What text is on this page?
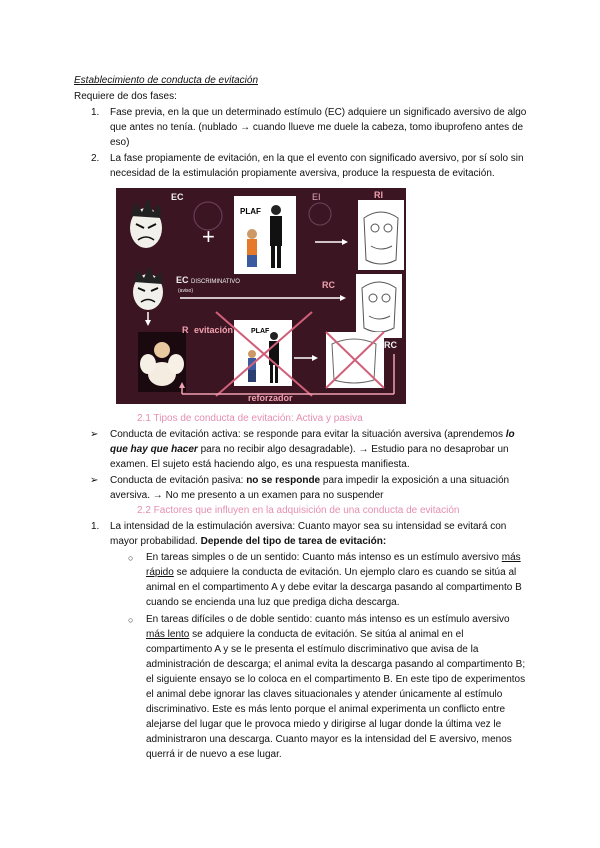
Establecimiento de conducta de evitación
Requiere de dos fases:
1. Fase previa, en la que un determinado estímulo (EC) adquiere un significado aversivo de algo
que antes no tenía. (nublado → cuando llueve me duele la cabeza, tomo ibuprofeno antes de
eso)
2. La fase propiamente de evitación, en la que el evento con significado aversivo, por sí solo sin
necesidad de la estimulación propiamente aversiva, produce la respuesta de evitación.
EC
+
PLAF
EI	RI
EC DISCRIMINATIVO
(aviso)
RC
R evitación	PLAF
RC
reforzador
2.1 Tipos de conducta de evitación: Activa y pasiva
➢ Conducta de evitación activa: se responde para evitar la situación aversiva (aprendemos lo
que hay que hacer para no recibir algo desagradable). → Estudio para no desaprobar un
examen. El sujeto está haciendo algo, es una respuesta manifiesta.
➢ Conducta de evitación pasiva: no se responde para impedir la exposición a una situación
aversiva. → No me presento a un examen para no suspender
2.2 Factores que influyen en la adquisición de una conducta de evitación
1. La intensidad de la estimulación aversiva: Cuanto mayor sea su intensidad se evitará con
mayor probabilidad. Depende del tipo de tarea de evitación:
○ En tareas simples o de un sentido: Cuanto más intenso es un estímulo aversivo más
rápido se adquiere la conducta de evitación. Un ejemplo claro es cuando se sitúa al
animal en el compartimento A y debe evitar la descarga pasando al compartimento B
cuando se encienda una luz que prediga dicha descarga.
○ En tareas difíciles o de doble sentido: cuanto más intenso es un estímulo aversivo
más lento se adquiere la conducta de evitación. Se sitúa al animal en el
compartimento A y se le presenta el estímulo discriminativo que avisa de la
administración de descarga; el animal evita la descarga pasando al compartimento B;
el siguiente ensayo se lo coloca en el compartimento B. En este tipo de experimentos
el animal debe ignorar las claves situacionales y atender únicamente al estímulo
discriminativo. Este es más lento porque el animal experimenta un conflicto entre
alejarse del lugar que le provoca miedo y dirigirse al lugar donde la última vez le
administraron una descarga. Cuanto mayor es la intensidad del E aversivo, menos
querrá ir de nuevo a ese lugar.
